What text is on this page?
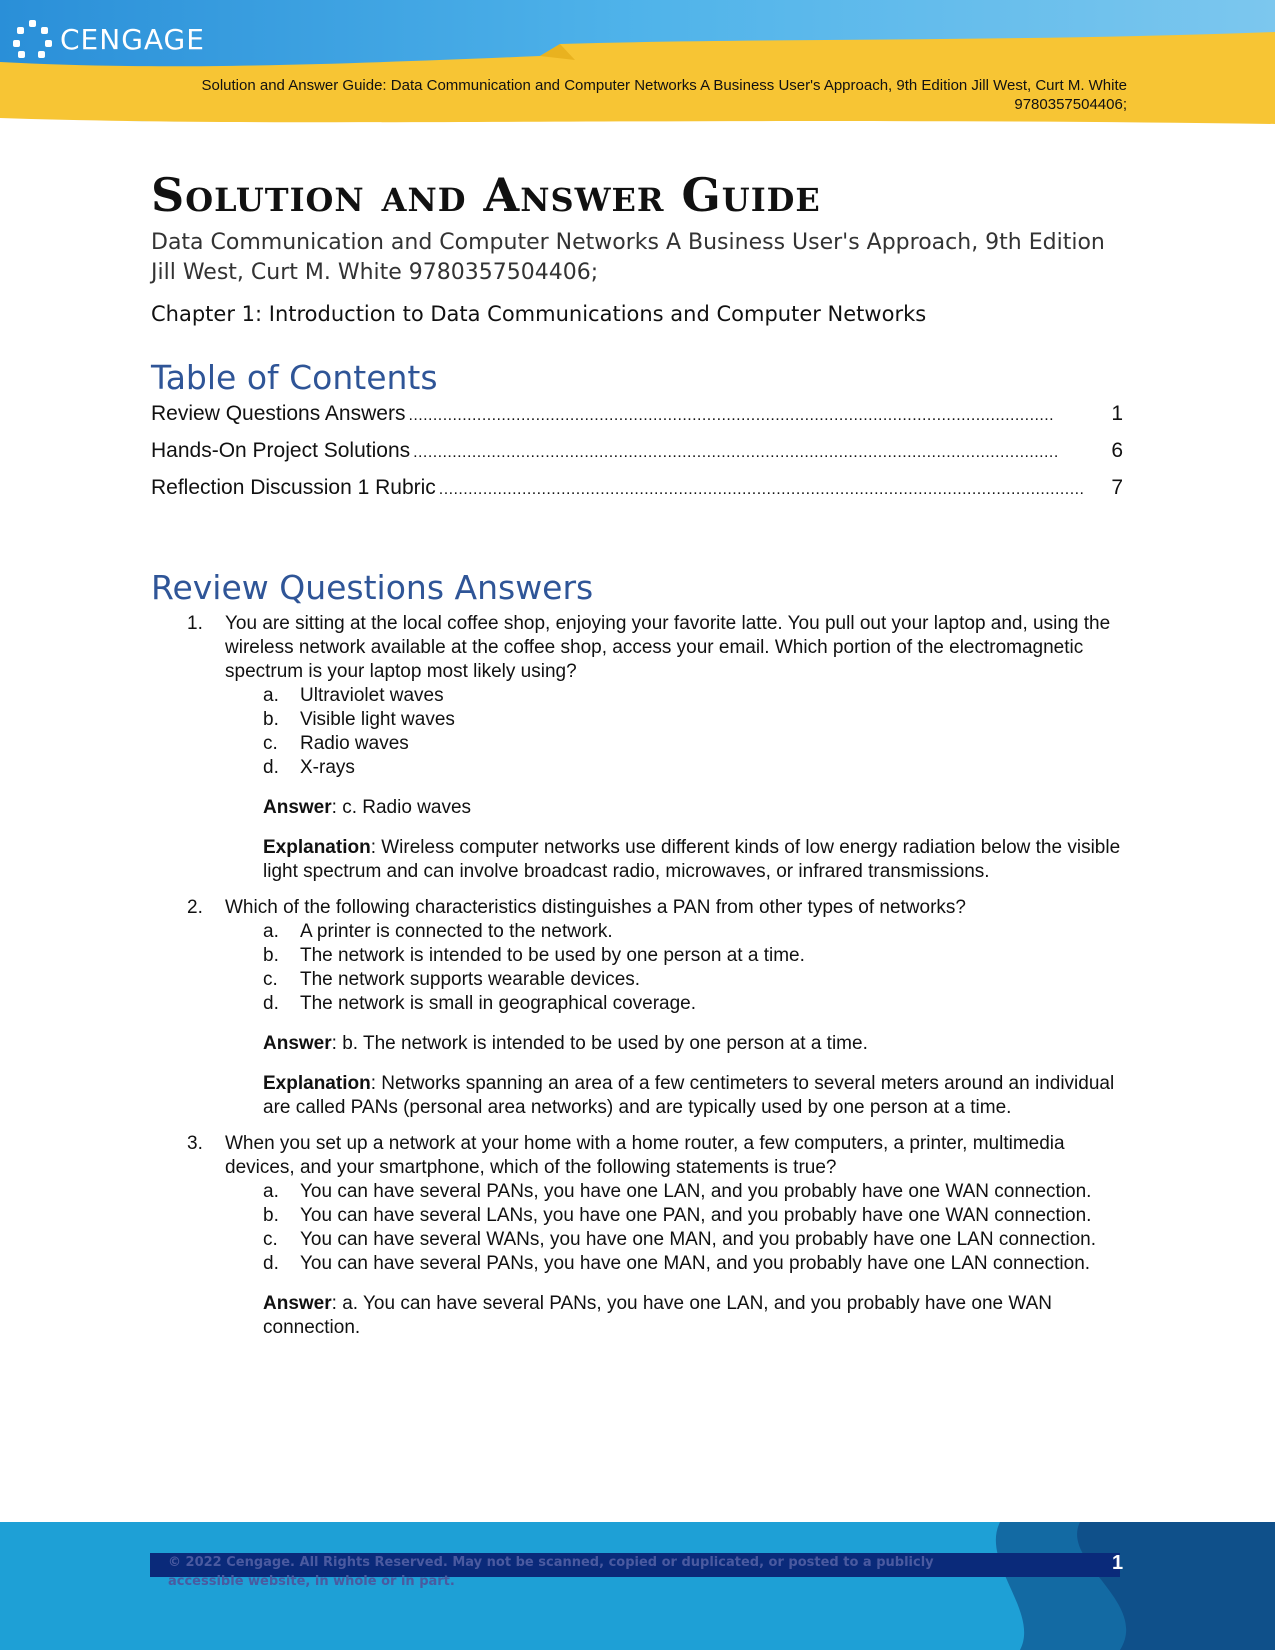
CENGAGE
Solution and Answer Guide: Data Communication and Computer Networks A Business User's Approach, 9th Edition Jill West, Curt M. White 9780357504406;
Solution and Answer Guide
Data Communication and Computer Networks A Business User's Approach, 9th Edition Jill West, Curt M. White 9780357504406;
Chapter 1: Introduction to Data Communications and Computer Networks
Table of Contents
Review Questions Answers . . .	1
Hands-On Project Solutions . . .	6
Reflection Discussion 1 Rubric . . .	7
Review Questions Answers
1. You are sitting at the local coffee shop, enjoying your favorite latte. You pull out your laptop and, using the wireless network available at the coffee shop, access your email. Which portion of the electromagnetic spectrum is your laptop most likely using?
a. Ultraviolet waves
b. Visible light waves
c. Radio waves
d. X-rays
Answer: c. Radio waves
Explanation: Wireless computer networks use different kinds of low energy radiation below the visible light spectrum and can involve broadcast radio, microwaves, or infrared transmissions.
2. Which of the following characteristics distinguishes a PAN from other types of networks?
a. A printer is connected to the network.
b. The network is intended to be used by one person at a time.
c. The network supports wearable devices.
d. The network is small in geographical coverage.
Answer: b. The network is intended to be used by one person at a time.
Explanation: Networks spanning an area of a few centimeters to several meters around an individual are called PANs (personal area networks) and are typically used by one person at a time.
3. When you set up a network at your home with a home router, a few computers, a printer, multimedia devices, and your smartphone, which of the following statements is true?
a. You can have several PANs, you have one LAN, and you probably have one WAN connection.
b. You can have several LANs, you have one PAN, and you probably have one WAN connection.
c. You can have several WANs, you have one MAN, and you probably have one LAN connection.
d. You can have several PANs, you have one MAN, and you probably have one LAN connection.
Answer: a. You can have several PANs, you have one LAN, and you probably have one WAN connection.
© 2022 Cengage. All Rights Reserved. May not be scanned, copied or duplicated, or posted to a publicly accessible website, in whole or in part.
1
